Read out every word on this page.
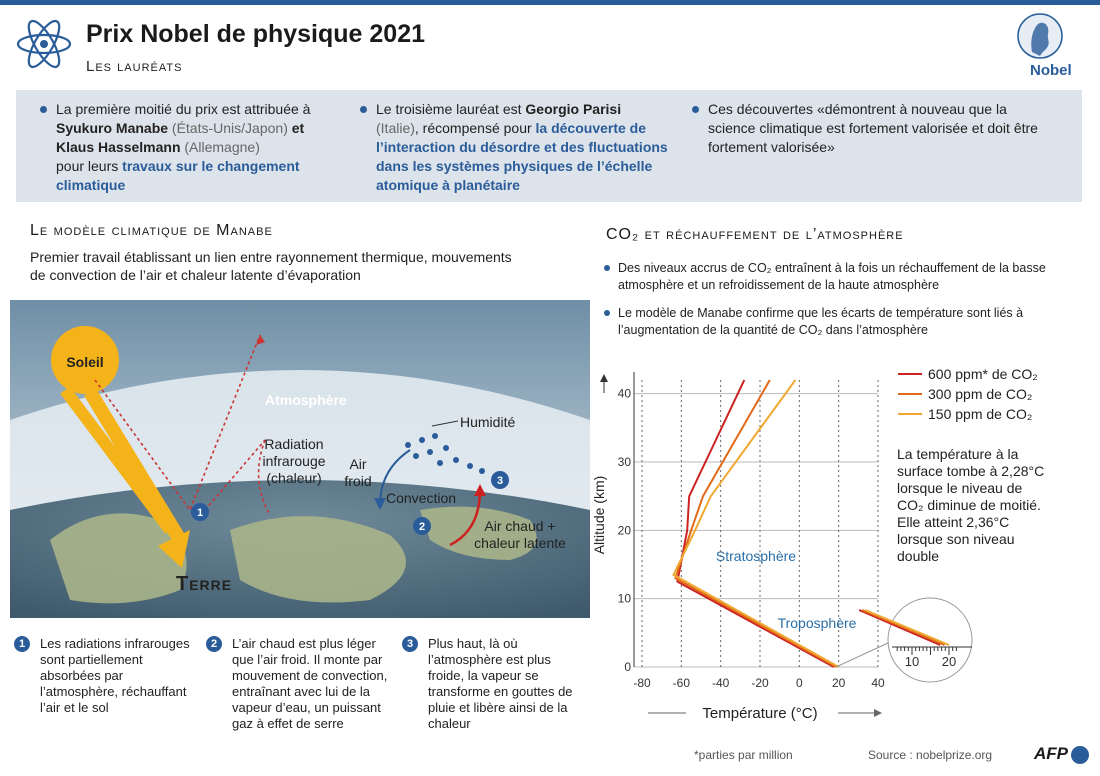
Prix Nobel de physique 2021
Les lauréats	Nobel
La première moitié du prix est attribuée à Syukuro Manabe (États-Unis/Japon) et Klaus Hasselmann (Allemagne)
pour leurs travaux sur le changement climatique
Le troisième lauréat est Georgio Parisi
(Italie), récompensé pour la découverte de l’interaction du désordre et des fluctuations dans les systèmes physiques de l’échelle atomique à planétaire
Ces découvertes «démontrent à nouveau que la science climatique est fortement valorisée et doit être fortement valorisée»
Le modèle climatique de Manabe
Premier travail établissant un lien entre rayonnement thermique, mouvements de convection de l’air et chaleur latente d’évaporation
1
2
3
Soleil
Atmosphère
Humidité
Radiation infrarouge (chaleur)
Air froid
Convection
Air chaud + chaleur latente
Terre
1	Les radiations infrarouges sont partiellement absorbées par l’atmosphère, réchauffant l’air et le sol
2	L’air chaud est plus léger que l’air froid. Il monte par mouvement de convection, entraînant avec lui de la vapeur d’eau, un puissant gaz à effet de serre
3	Plus haut, là où l’atmosphère est plus froide, la vapeur se transforme en gouttes de pluie et libère ainsi de la chaleur
CO₂ et réchauffement de l’atmosphère
Des niveaux accrus de CO₂ entraînent à la fois un réchauffement de la basse atmosphère et un refroidissement de la haute atmosphère
Le modèle de Manabe confirme que les écarts de température sont liés à l’augmentation de la quantité de CO₂ dans l’atmosphère
0
10
20
30
40
-80 -60 -40 -20 0 20 40
Altitude (km)
Température (°C)
Stratosphère
Troposphère
600 ppm* de CO₂
300 ppm de CO₂
150 ppm de CO₂
10 20
La température à la surface tombe à 2,28°C lorsque le niveau de CO₂ diminue de moitié. Elle atteint 2,36°C lorsque son niveau double
*parties par million	Source : nobelprize.org AFP
